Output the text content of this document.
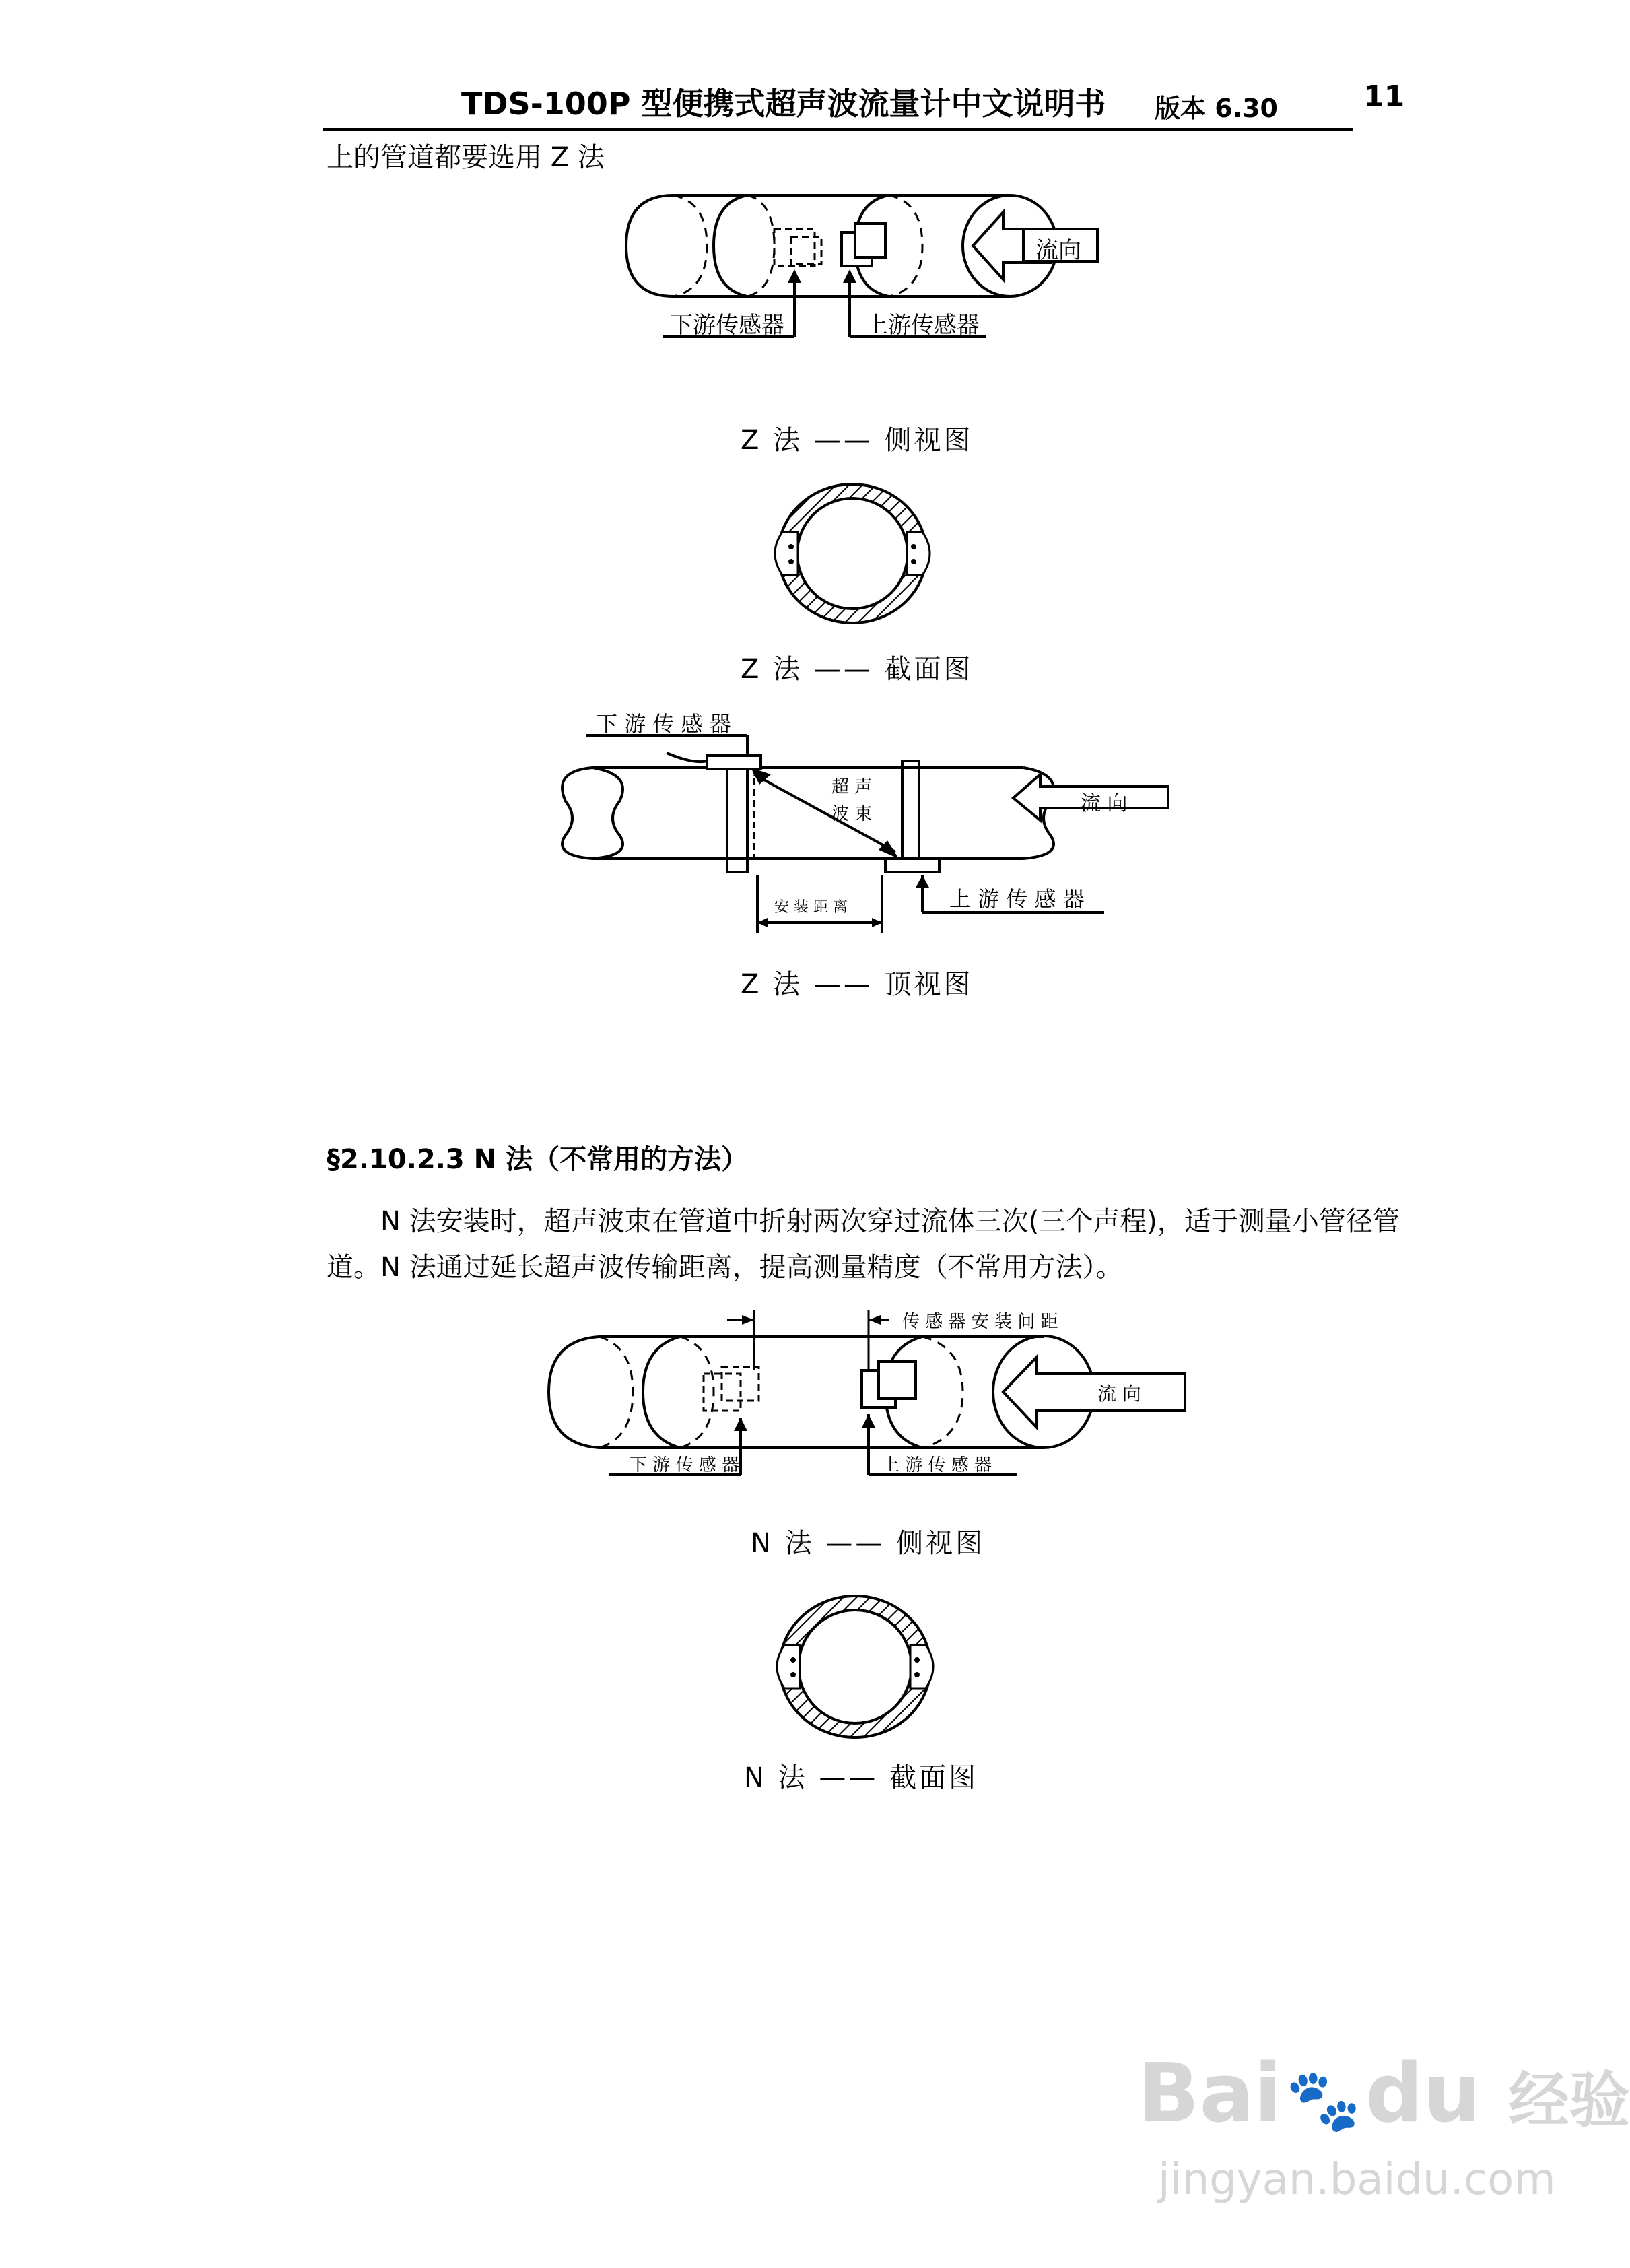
TDS-100P 型便携式超声波流量计中文说明书 版本 6.30	11
上的管道都要选用 Z 法
流向
下游传感器	上游传感器
Z 法 —— 侧视图
Z 法 —— 截面图
下 游 传 感 器
超 声
波 束	流 向
上 游 传 感 器
安 装 距 离
Z 法 —— 顶视图
§2.10.2.3 N 法（不常用的方法）
N 法安装时，超声波束在管道中折射两次穿过流体三次(三个声程)，适于测量小管径管
道。N 法通过延长超声波传输距离，提高测量精度（不常用方法）。
传 感 器 安 装 间 距
流 向
下 游 传 感 器	上 游 传 感 器
N 法 —— 侧视图
N 法 —— 截面图
Bai🐾du 经验
jingyan.baidu.com
